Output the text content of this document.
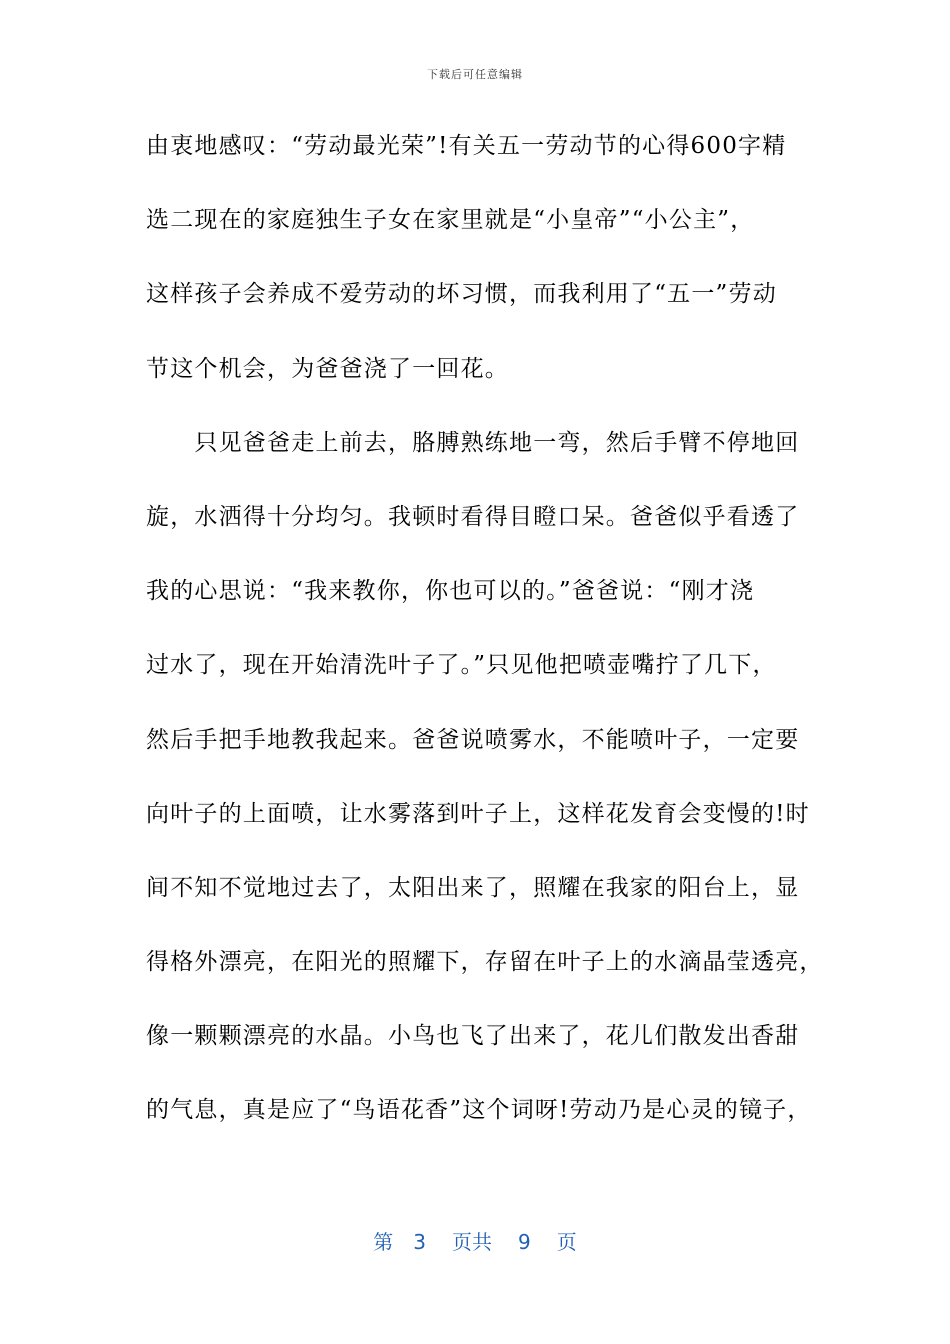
下载后可任意编辑
由衷地感叹：“劳动最光荣”!有关五一劳动节的心得600字精
选二现在的家庭独生子女在家里就是“小皇帝”“小公主”，
这样孩子会养成不爱劳动的坏习惯，而我利用了“五一”劳动
节这个机会，为爸爸浇了一回花。
　　只见爸爸走上前去，胳膊熟练地一弯，然后手臂不停地回
旋，水洒得十分均匀。我顿时看得目瞪口呆。爸爸似乎看透了
我的心思说：“我来教你，你也可以的。”爸爸说：“刚才浇
过水了，现在开始清洗叶子了。”只见他把喷壶嘴拧了几下，
然后手把手地教我起来。爸爸说喷雾水，不能喷叶子，一定要
向叶子的上面喷，让水雾落到叶子上，这样花发育会变慢的!时
间不知不觉地过去了，太阳出来了，照耀在我家的阳台上，显
得格外漂亮，在阳光的照耀下，存留在叶子上的水滴晶莹透亮，
像一颗颗漂亮的水晶。小鸟也飞了出来了，花儿们散发出香甜
的气息，真是应了“鸟语花香”这个词呀!劳动乃是心灵的镜子，
第 3 页共 9 页
